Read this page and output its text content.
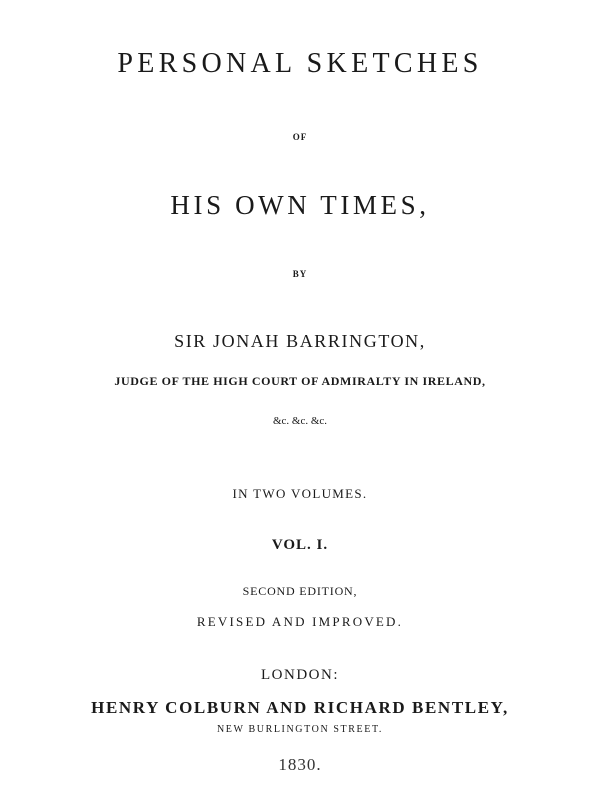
PERSONAL SKETCHES
OF
HIS OWN TIMES,
BY
SIR JONAH BARRINGTON,
JUDGE OF THE HIGH COURT OF ADMIRALTY IN IRELAND,
&c. &c. &c.
IN TWO VOLUMES.
VOL. I.
SECOND EDITION,
REVISED AND IMPROVED.
LONDON:
HENRY COLBURN AND RICHARD BENTLEY,
NEW BURLINGTON STREET.
1830.
